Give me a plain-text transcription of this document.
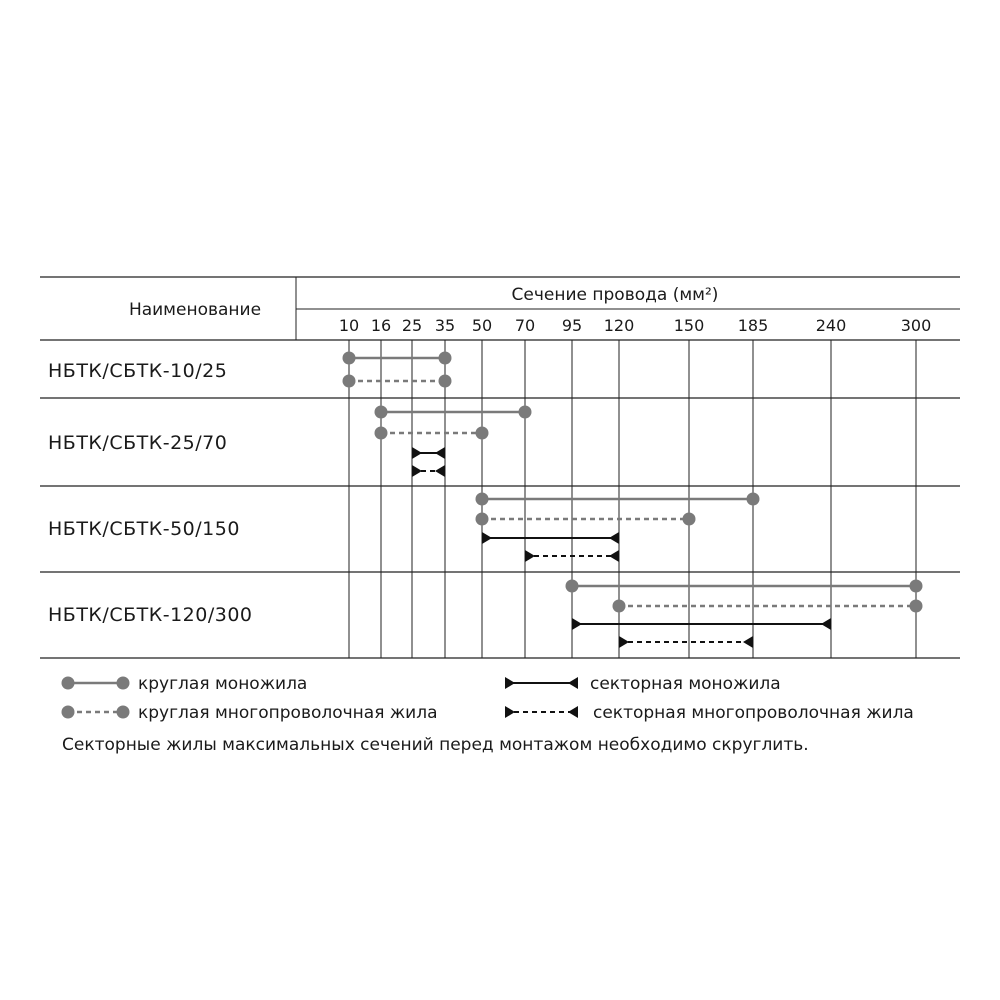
Наименование
Сечение провода (мм²)
10 16 25 35 50 70 95 120 150 185	240	300
НБТК/СБТК-10/25
НБТК/СБТК-25/70
НБТК/СБТК-50/150
НБТК/СБТК-120/300
круглая моножила	секторная моножила
круглая многопроволочная жила	секторная многопроволочная жила
Секторные жилы максимальных сечений перед монтажом необходимо скруглить.
